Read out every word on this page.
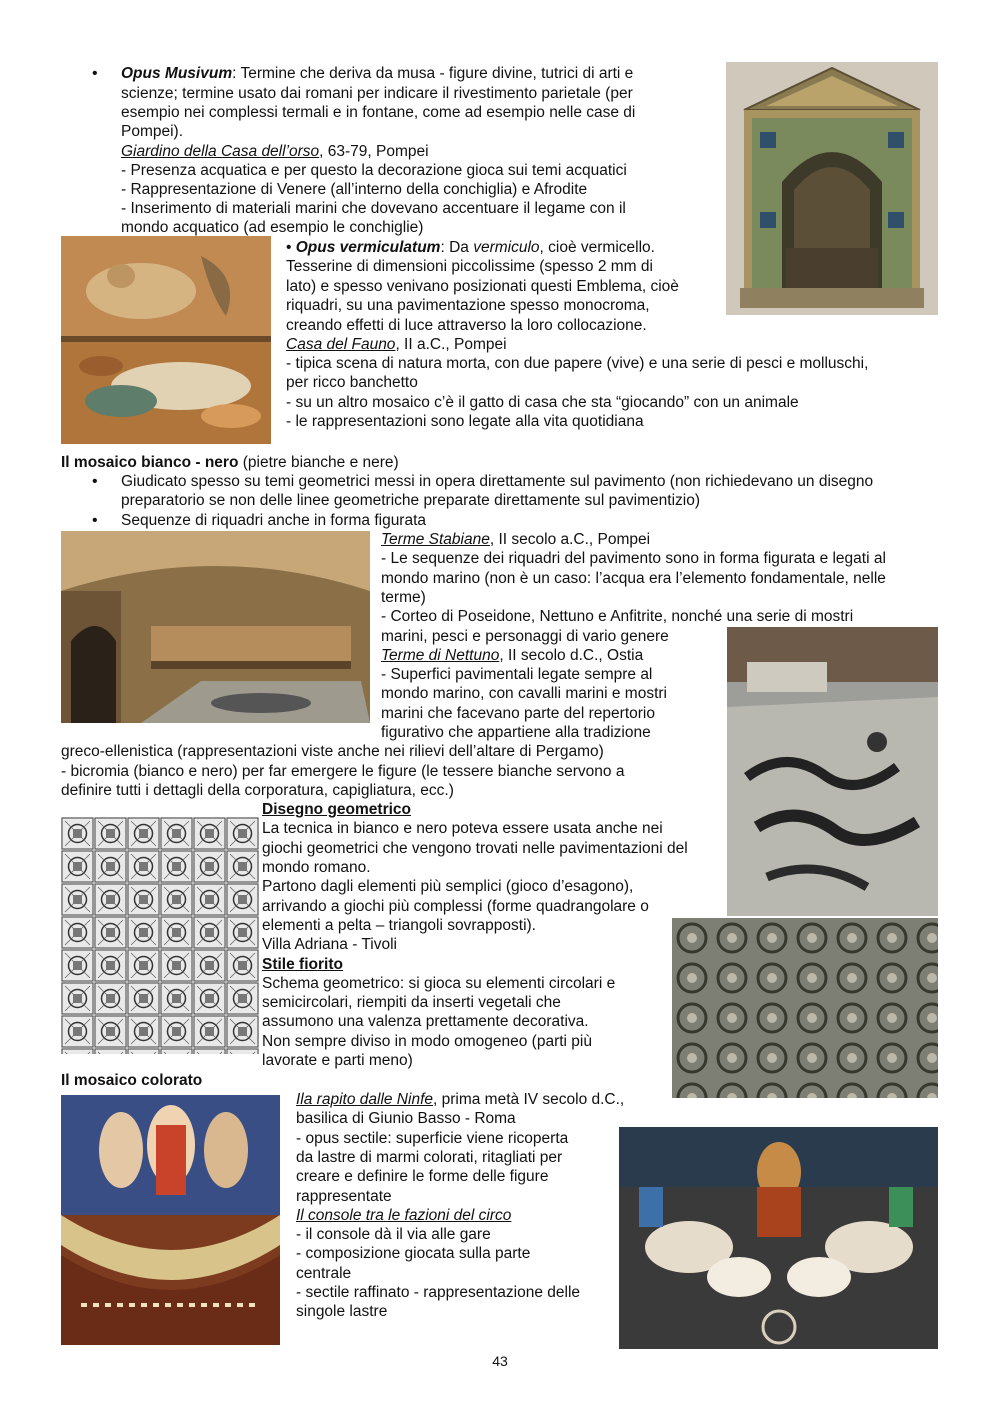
• Opus Musivum: Termine che deriva da musa - figure divine, tutrici di arti e
scienze; termine usato dai romani per indicare il rivestimento parietale (per
esempio nei complessi termali e in fontane, come ad esempio nelle case di
Pompei).
Giardino della Casa dell’orso, 63-79, Pompei
- Presenza acquatica e per questo la decorazione gioca sui temi acquatici
- Rappresentazione di Venere (all’interno della conchiglia) e Afrodite
- Inserimento di materiali marini che dovevano accentuare il legame con il
mondo acquatico (ad esempio le conchiglie)
• Opus vermiculatum: Da vermiculo, cioè vermicello.
Tesserine di dimensioni piccolissime (spesso 2 mm di
lato) e spesso venivano posizionati questi Emblema, cioè
riquadri, su una pavimentazione spesso monocroma,
creando effetti di luce attraverso la loro collocazione.
Casa del Fauno, II a.C., Pompei
- tipica scena di natura morta, con due papere (vive) e una serie di pesci e molluschi,
per ricco banchetto
- su un altro mosaico c’è il gatto di casa che sta “giocando” con un animale
- le rappresentazioni sono legate alla vita quotidiana
Il mosaico bianco - nero (pietre bianche e nere)
• Giudicato spesso su temi geometrici messi in opera direttamente sul pavimento (non richiedevano un disegno
preparatorio se non delle linee geometriche preparate direttamente sul pavimentizio)
• Sequenze di riquadri anche in forma figurata
Terme Stabiane, II secolo a.C., Pompei
- Le sequenze dei riquadri del pavimento sono in forma figurata e legati al
mondo marino (non è un caso: l’acqua era l’elemento fondamentale, nelle
terme)
- Corteo di Poseidone, Nettuno e Anfitrite, nonché una serie di mostri
marini, pesci e personaggi di vario genere
Terme di Nettuno, II secolo d.C., Ostia
- Superfici pavimentali legate sempre al
mondo marino, con cavalli marini e mostri
marini che facevano parte del repertorio
figurativo che appartiene alla tradizione
greco-ellenistica (rappresentazioni viste anche nei rilievi dell’altare di Pergamo)
- bicromia (bianco e nero) per far emergere le figure (le tessere bianche servono a
definire tutti i dettagli della corporatura, capigliatura, ecc.)
Disegno geometrico
La tecnica in bianco e nero poteva essere usata anche nei
giochi geometrici che vengono trovati nelle pavimentazioni del
mondo romano.
Partono dagli elementi più semplici (gioco d’esagono),
arrivando a giochi più complessi (forme quadrangolare o
elementi a pelta – triangoli sovrapposti).
Villa Adriana - Tivoli
Stile fiorito
Schema geometrico: si gioca su elementi circolari e
semicircolari, riempiti da inserti vegetali che
assumono una valenza prettamente decorativa.
Non sempre diviso in modo omogeneo (parti più
lavorate e parti meno)
Il mosaico colorato
Ila rapito dalle Ninfe, prima metà IV secolo d.C.,
basilica di Giunio Basso - Roma
- opus sectile: superficie viene ricoperta
da lastre di marmi colorati, ritagliati per
creare e definire le forme delle figure
rappresentate
Il console tra le fazioni del circo
- il console dà il via alle gare
- composizione giocata sulla parte
centrale
- sectile raffinato - rappresentazione delle
singole lastre
43
